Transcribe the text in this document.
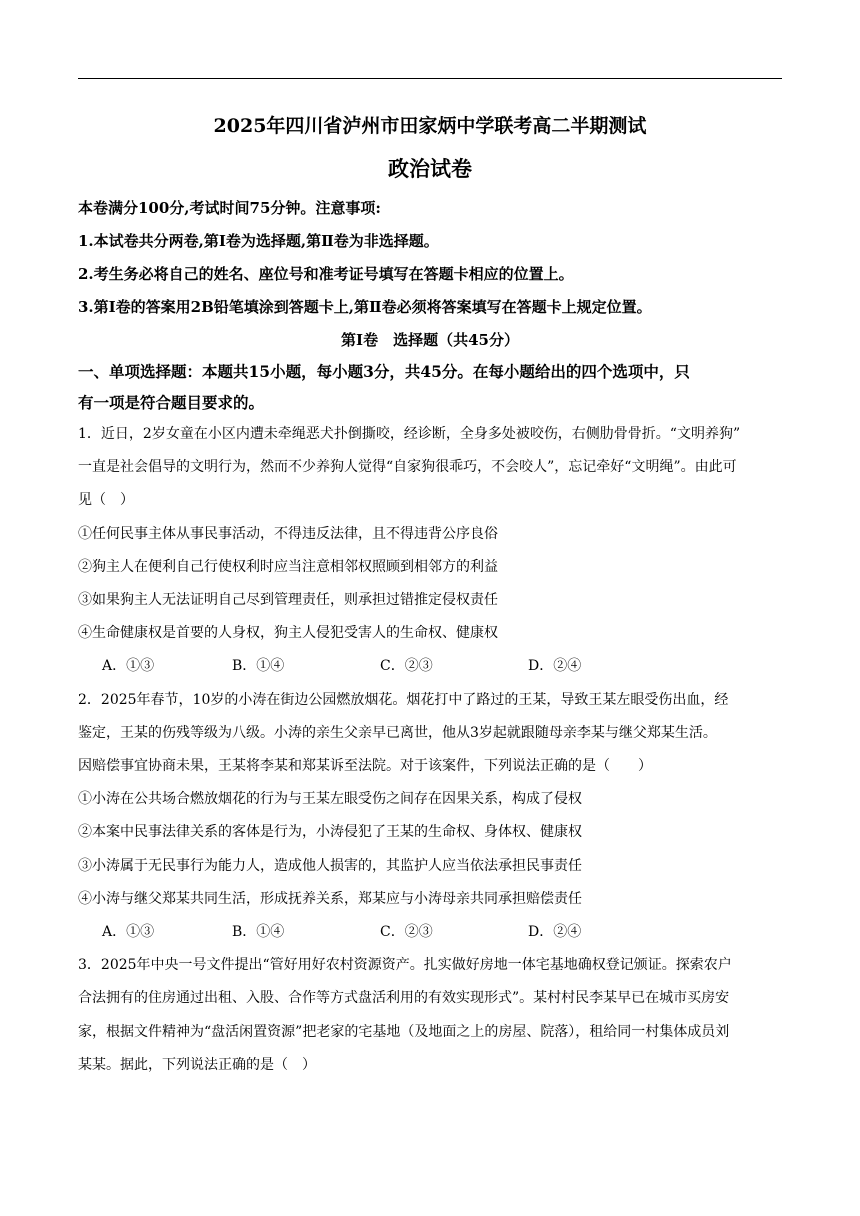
2025年四川省泸州市田家炳中学联考高二半期测试

政治试卷

本卷满分100分,考试时间75分钟。注意事项:

1.本试卷共分两卷,第Ⅰ卷为选择题,第Ⅱ卷为非选择题。

2.考生务必将自己的姓名、座位号和准考证号填写在答题卡相应的位置上。

3.第Ⅰ卷的答案用2B铅笔填涂到答题卡上,第Ⅱ卷必须将答案填写在答题卡上规定位置。

第Ⅰ卷　选择题（共45分）

一、单项选择题：本题共15小题，每小题3分，共45分。在每小题给出的四个选项中，只

有一项是符合题目要求的。

1．近日，2岁女童在小区内遭未牵绳恶犬扑倒撕咬，经诊断，全身多处被咬伤，右侧肋骨骨折。“文明养狗”

一直是社会倡导的文明行为，然而不少养狗人觉得“自家狗很乖巧，不会咬人”，忘记牵好“文明绳”。由此可

见（　）

①任何民事主体从事民事活动，不得违反法律，且不得违背公序良俗

②狗主人在便利自己行使权利时应当注意相邻权照顾到相邻方的利益

③如果狗主人无法证明自己尽到管理责任，则承担过错推定侵权责任

④生命健康权是首要的人身权，狗主人侵犯受害人的生命权、健康权

A．①③	B．①④	C．②③	D．②④

2．2025年春节，10岁的小涛在街边公园燃放烟花。烟花打中了路过的王某，导致王某左眼受伤出血，经

鉴定，王某的伤残等级为八级。小涛的亲生父亲早已离世，他从3岁起就跟随母亲李某与继父郑某生活。

因赔偿事宜协商未果，王某将李某和郑某诉至法院。对于该案件，下列说法正确的是（　　）

①小涛在公共场合燃放烟花的行为与王某左眼受伤之间存在因果关系，构成了侵权

②本案中民事法律关系的客体是行为，小涛侵犯了王某的生命权、身体权、健康权

③小涛属于无民事行为能力人，造成他人损害的，其监护人应当依法承担民事责任

④小涛与继父郑某共同生活，形成抚养关系，郑某应与小涛母亲共同承担赔偿责任

A．①③	B．①④	C．②③	D．②④

3．2025年中央一号文件提出“管好用好农村资源资产。扎实做好房地一体宅基地确权登记颁证。探索农户

合法拥有的住房通过出租、入股、合作等方式盘活利用的有效实现形式”。某村村民李某早已在城市买房安

家，根据文件精神为“盘活闲置资源”把老家的宅基地（及地面之上的房屋、院落），租给同一村集体成员刘

某某。据此，下列说法正确的是（　）
